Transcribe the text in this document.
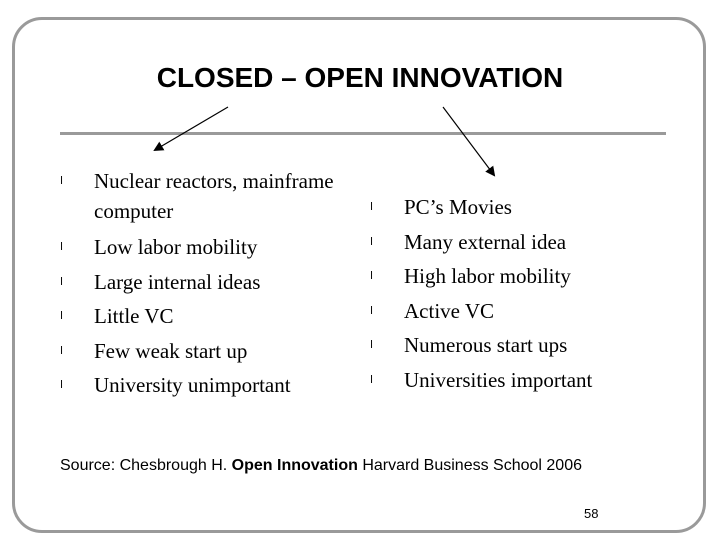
CLOSED – OPEN INNOVATION
l	Nuclear reactors, mainframe computer
l	Low labor mobility
l	Large internal ideas
l	Little VC
l	Few weak start up
l	University unimportant
l	PC’s Movies
l	Many external idea
l	High labor mobility
l	Active VC
l	Numerous start ups
l	Universities important
Source: Chesbrough H. Open Innovation Harvard Business School 2006
58
